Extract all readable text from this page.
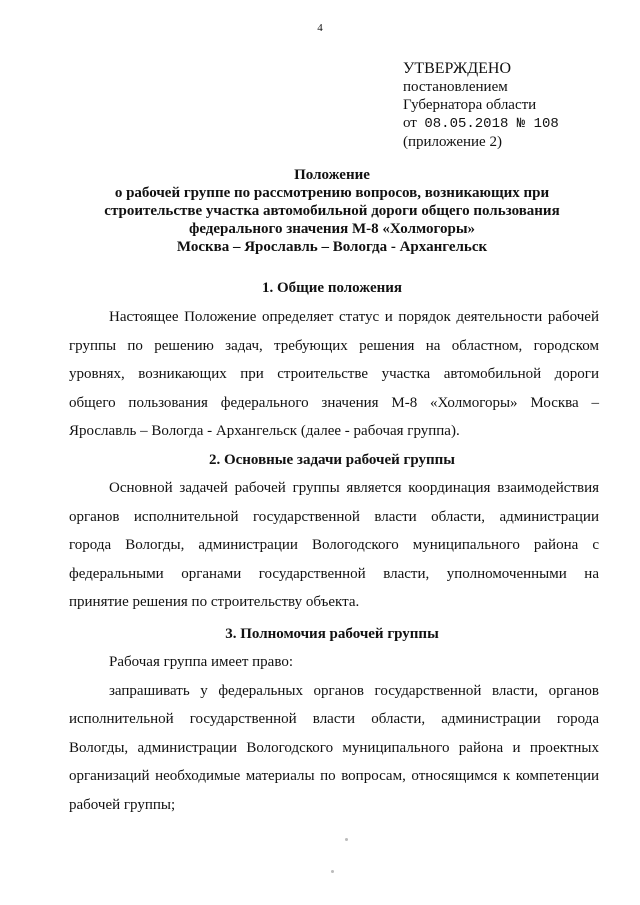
4
УТВЕРЖДЕНО
постановлением
Губернатора области
от 08.05.2018 № 108
(приложение 2)
Положение
о рабочей группе по рассмотрению вопросов, возникающих при
строительстве участка автомобильной дороги общего пользования
федерального значения М-8 «Холмогоры»
Москва – Ярославль – Вологда - Архангельск
1. Общие положения
Настоящее Положение определяет статус и порядок деятельности рабочей
группы по решению задач, требующих решения на областном, городском
уровнях, возникающих при строительстве участка автомобильной дороги
общего пользования федерального значения М-8 «Холмогоры» Москва –
Ярославль – Вологда - Архангельск (далее - рабочая группа).
2. Основные задачи рабочей группы
Основной задачей рабочей группы является координация взаимодействия
органов исполнительной государственной власти области, администрации
города Вологды, администрации Вологодского муниципального района с
федеральными органами государственной власти, уполномоченными на
принятие решения по строительству объекта.
3. Полномочия рабочей группы
Рабочая группа имеет право:
запрашивать у федеральных органов государственной власти, органов
исполнительной государственной власти области, администрации города
Вологды, администрации Вологодского муниципального района и проектных
организаций необходимые материалы по вопросам, относящимся к компетенции
рабочей группы;
